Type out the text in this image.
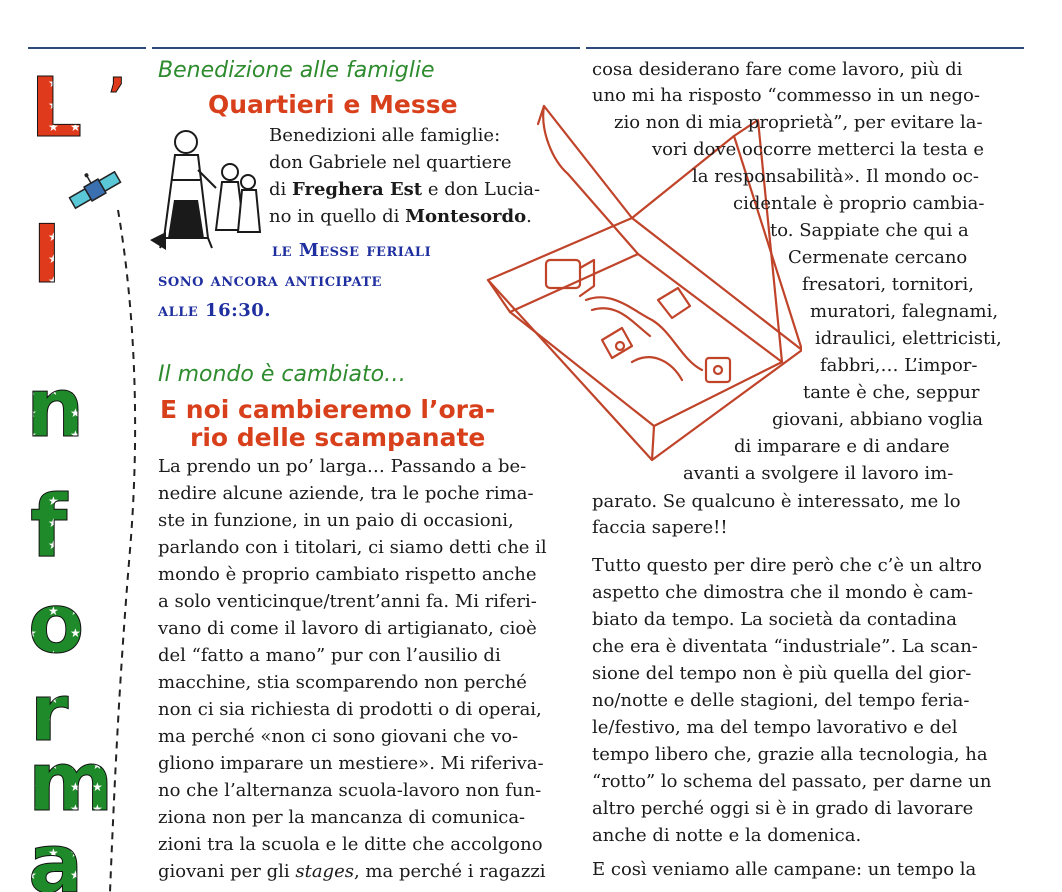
L ’
I
n
f
o
r
m
a
Benedizione alle famiglie
Quartieri e Messe
Benedizioni alle famiglie:
don Gabriele nel quartiere
di Freghera Est e don Lucia-
no in quello di Montesordo.
le Messe feriali
sono ancora anticipate
alle 16:30.
Il mondo è cambiato…
E noi cambieremo l’ora-
rio delle scampanate
La prendo un po’ larga… Passando a be-
nedire alcune aziende, tra le poche rima-
ste in funzione, in un paio di occasioni,
parlando con i titolari, ci siamo detti che il
mondo è proprio cambiato rispetto anche
a solo venticinque/trent’anni fa. Mi riferi-
vano di come il lavoro di artigianato, cioè
del “fatto a mano” pur con l’ausilio di
macchine, stia scomparendo non perché
non ci sia richiesta di prodotti o di operai,
ma perché «non ci sono giovani che vo-
gliono imparare un mestiere». Mi riferiva-
no che l’alternanza scuola-lavoro non fun-
ziona non per la mancanza di comunica-
zioni tra la scuola e le ditte che accolgono
giovani per gli stages, ma perché i ragazzi
cosa desiderano fare come lavoro, più di
uno mi ha risposto “commesso in un nego-
zio non di mia proprietà”, per evitare la-
vori dove occorre metterci la testa e
la responsabilità». Il mondo oc-
cidentale è proprio cambia-
to. Sappiate che qui a
Cermenate cercano
fresatori, tornitori,
muratori, falegnami,
idraulici, elettricisti,
fabbri,… L’impor-
tante è che, seppur
giovani, abbiano voglia
di imparare e di andare
avanti a svolgere il lavoro im-
parato. Se qualcuno è interessato, me lo
faccia sapere!!
Tutto questo per dire però che c’è un altro
aspetto che dimostra che il mondo è cam-
biato da tempo. La società da contadina
che era è diventata “industriale”. La scan-
sione del tempo non è più quella del gior-
no/notte e delle stagioni, del tempo feria-
le/festivo, ma del tempo lavorativo e del
tempo libero che, grazie alla tecnologia, ha
“rotto” lo schema del passato, per darne un
altro perché oggi si è in grado di lavorare
anche di notte e la domenica.
E così veniamo alle campane: un tempo la
